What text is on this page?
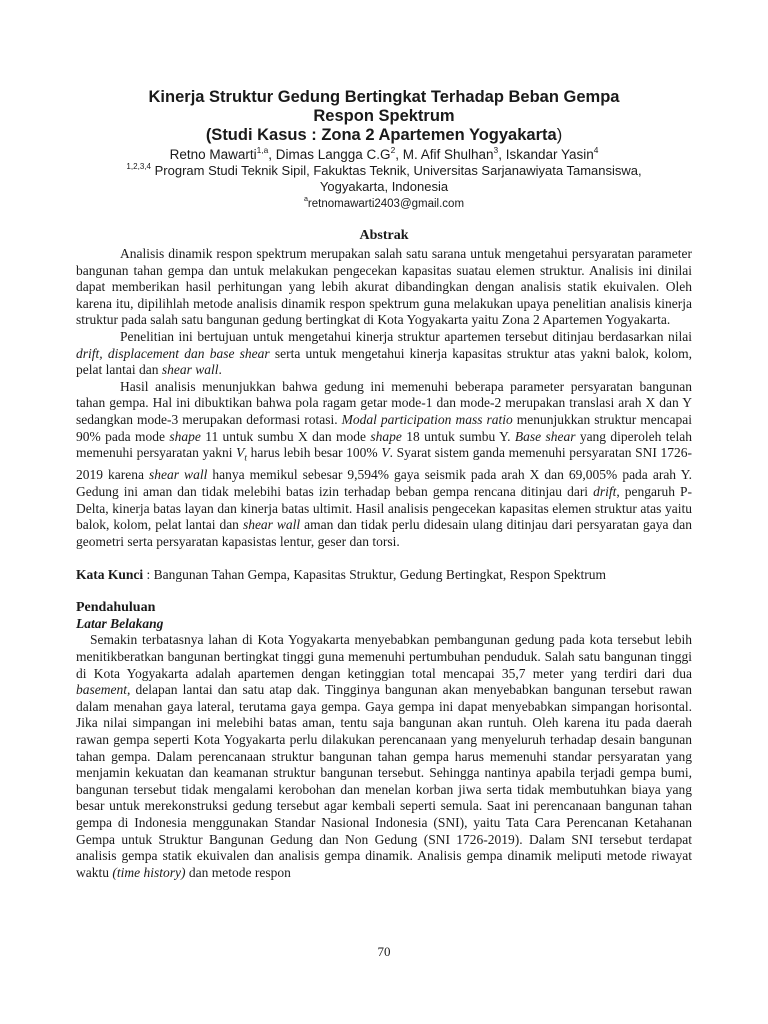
Kinerja Struktur Gedung Bertingkat Terhadap Beban Gempa
Respon Spektrum
(Studi Kasus : Zona 2 Apartemen Yogyakarta)
Retno Mawarti$^{1,a}$, Dimas Langga $C.G^2$, M. Afif Shulhan$^3$, Iskandar Yasin$^4$
$^{1,2,3,4}$ Program Studi Teknik Sipil, Fakuktas Teknik, Universitas Sarjanawiyata Tamansiswa,
Yogyakarta, Indonesia
$^a$retnomawarti2403@gmail.com
Abstrak

Analisis dinamik respon spektrum merupakan salah satu sarana untuk mengetahui persyaratan parameter bangunan tahan gempa dan untuk melakukan pengecekan kapasitas suatau elemen struktur. Analisis ini dinilai dapat memberikan hasil perhitungan yang lebih akurat dibandingkan dengan analisis statik ekuivalen. Oleh karena itu, dipilihlah metode analisis dinamik respon spektrum guna melakukan upaya penelitian analisis kinerja struktur pada salah satu bangunan gedung bertingkat di Kota Yogyakarta yaitu Zona 2 Apartemen Yogyakarta.

Penelitian ini bertujuan untuk mengetahui kinerja struktur apartemen tersebut ditinjau berdasarkan nilai drift, displacement dan base shear serta untuk mengetahui kinerja kapasitas struktur atas yakni balok, kolom, pelat lantai dan shear wall.

Hasil analisis menunjukkan bahwa gedung ini memenuhi beberapa parameter persyaratan bangunan tahan gempa. Hal ini dibuktikan bahwa pola ragam getar mode-1 dan mode-2 merupakan translasi arah X dan Y sedangkan mode-3 merupakan deformasi rotasi. Modal participation mass ratio menunjukkan struktur mencapai 90% pada mode shape 11 untuk sumbu X dan mode shape 18 untuk sumbu Y. Base shear yang diperoleh telah memenuhi persyaratan yakni $V_t$ harus lebih besar 100% V. Syarat sistem ganda memenuhi persyaratan SNI 1726-2019 karena shear wall hanya memikul sebesar 9,594% gaya seismik pada arah X dan 69,005% pada arah Y. Gedung ini aman dan tidak melebihi batas izin terhadap beban gempa rencana ditinjau dari drift, pengaruh P-Delta, kinerja batas layan dan kinerja batas ultimit. Hasil analisis pengecekan kapasitas elemen struktur atas yaitu balok, kolom, pelat lantai dan shear wall aman dan tidak perlu didesain ulang ditinjau dari persyaratan gaya dan geometri serta persyaratan kapasistas lentur, geser dan torsi.

Kata Kunci : Bangunan Tahan Gempa, Kapasitas Struktur, Gedung Bertingkat, Respon Spektrum
Pendahuluan
Latar Belakang

Semakin terbatasnya lahan di Kota Yogyakarta menyebabkan pembangunan gedung pada kota tersebut lebih menitikberatkan bangunan bertingkat tinggi guna memenuhi pertumbuhan penduduk. Salah satu bangunan tinggi di Kota Yogyakarta adalah apartemen dengan ketinggian total mencapai 35,7 meter yang terdiri dari dua basement, delapan lantai dan satu atap dak. Tingginya bangunan akan menyebabkan bangunan tersebut rawan dalam menahan gaya lateral, terutama gaya gempa. Gaya gempa ini dapat menyebabkan simpangan horisontal. Jika nilai simpangan ini melebihi batas aman, tentu saja bangunan akan runtuh. Oleh karena itu pada daerah rawan gempa seperti Kota Yogyakarta perlu dilakukan perencanaan yang menyeluruh terhadap desain bangunan tahan gempa. Dalam perencanaan struktur bangunan tahan gempa harus memenuhi standar persyaratan yang menjamin kekuatan dan keamanan struktur bangunan tersebut. Sehingga nantinya apabila terjadi gempa bumi, bangunan tersebut tidak mengalami kerobohan dan menelan korban jiwa serta tidak membutuhkan biaya yang besar untuk merekonstruksi gedung tersebut agar kembali seperti semula. Saat ini perencanaan bangunan tahan gempa di Indonesia menggunakan Standar Nasional Indonesia (SNI), yaitu Tata Cara Perencanan Ketahanan Gempa untuk Struktur Bangunan Gedung dan Non Gedung (SNI 1726-2019). Dalam SNI tersebut terdapat analisis gempa statik ekuivalen dan analisis gempa dinamik. Analisis gempa dinamik meliputi metode riwayat waktu (time history) dan metode respon

70
